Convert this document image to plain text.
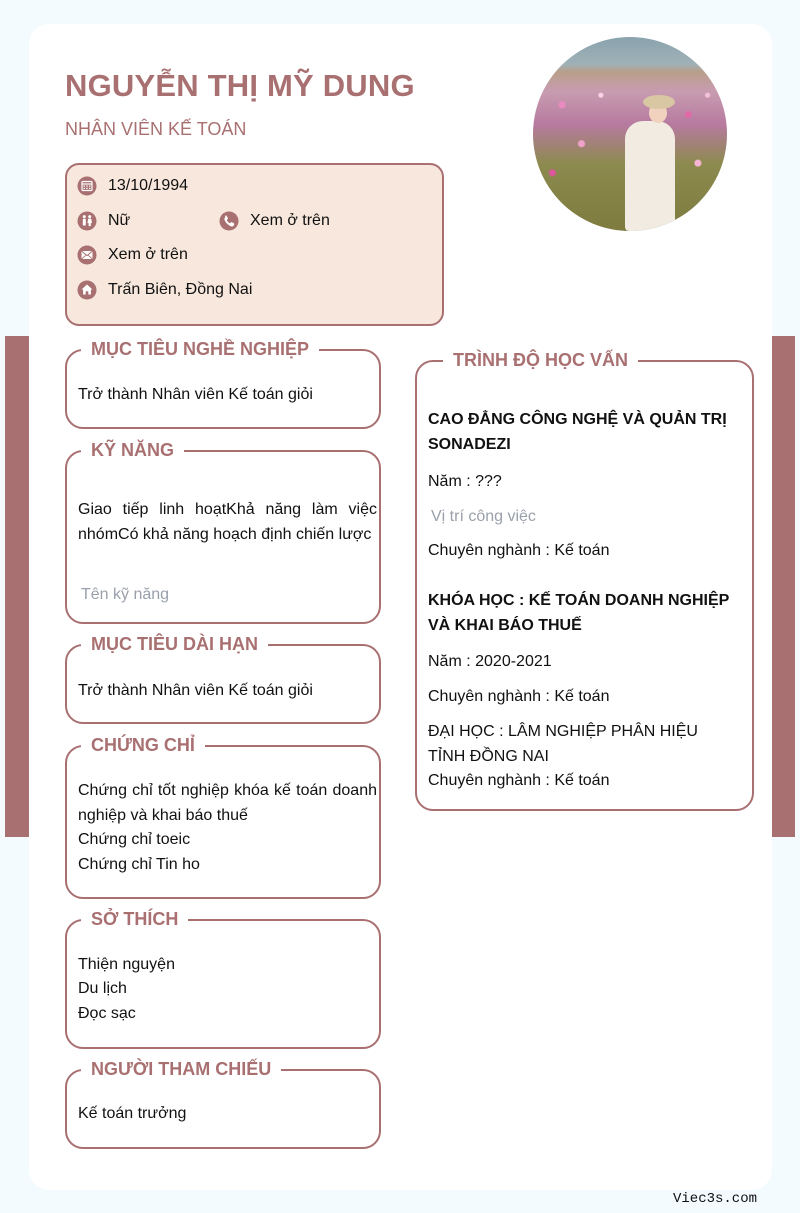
NGUYỄN THỊ MỸ DUNG
NHÂN VIÊN KẾ TOÁN
13/10/1994
Nữ	Xem ở trên
Xem ở trên
Trấn Biên, Đồng Nai
MỤC TIÊU NGHỀ NGHIỆP
Trở thành Nhân viên Kế toán giỏi
KỸ NĂNG
Giao tiếp linh hoạtKhả năng làm việc nhómCó khả năng hoạch định chiến lược
Tên kỹ năng
MỤC TIÊU DÀI HẠN
Trở thành Nhân viên Kế toán giỏi
CHỨNG CHỈ
Chứng chỉ tốt nghiệp khóa kế toán doanh nghiệp và khai báo thuế
Chứng chỉ toeic
Chứng chỉ Tin ho
SỞ THÍCH
Thiện nguyện
Du lịch
Đọc sạc
NGƯỜI THAM CHIẾU
Kế toán trưởng
TRÌNH ĐỘ HỌC VẤN
CAO ĐẲNG CÔNG NGHỆ VÀ QUẢN TRỊ SONADEZI
Năm : ???
Vị trí công việc
Chuyên nghành : Kế toán
KHÓA HỌC : KẾ TOÁN DOANH NGHIỆP VÀ KHAI BÁO THUẾ
Năm : 2020-2021
Chuyên nghành : Kế toán
ĐẠI HỌC : LÂM NGHIỆP PHÂN HIỆU TỈNH ĐỒNG NAI
Chuyên nghành : Kế toán
Viec3s.com
